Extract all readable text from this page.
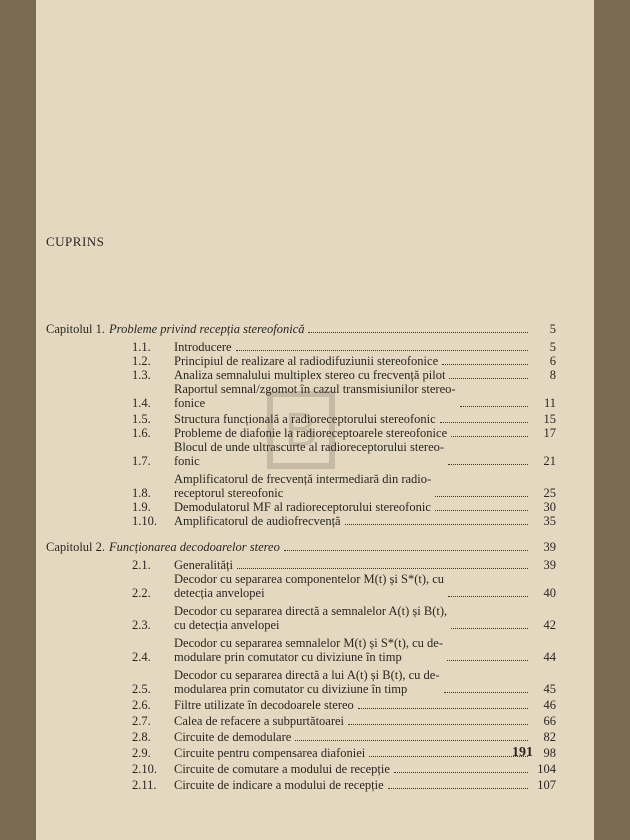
CUPRINS
Capitolul 1. Probleme privind recepția stereofonică	5
1.1.	Introducere	5
1.2.	Principiul de realizare al radiodifuziunii stereofonice	6
1.3.	Analiza semnalului multiplex stereo cu frecvență pilot	8
1.4.
Raportul semnal/zgomot în cazul transmisiunilor stereo-
fonice	11
1.5.	Structura funcțională a radioreceptorului stereofonic	15
1.6.	Probleme de diafonie la radioreceptoarele stereofonice	17
1.7.
Blocul de unde ultrascurte al radioreceptorului stereo-
fonic	21
1.8.
Amplificatorul de frecvență intermediară din radio-
receptorul stereofonic	25
1.9.	Demodulatorul MF al radioreceptorului stereofonic	30
1.10.	Amplificatorul de audiofrecvență	35
Capitolul 2. Funcționarea decodoarelor stereo	39
2.1.	Generalități	39
2.2.
Decodor cu separarea componentelor M(t) și S*(t), cu
detecția anvelopei	40
2.3.
Decodor cu separarea directă a semnalelor A(t) și B(t),
cu detecția anvelopei	42
2.4.
Decodor cu separarea semnalelor M(t) și S*(t), cu de-
modulare prin comutator cu diviziune în timp	44
2.5.
Decodor cu separarea directă a lui A(t) și B(t), cu de-
modularea prin comutator cu diviziune în timp	45
2.6.	Filtre utilizate în decodoarele stereo	46
2.7.	Calea de refacere a subpurtătoarei	66
2.8.	Circuite de demodulare	82
2.9.	Circuite pentru compensarea diafoniei	98
2.10.	Circuite de comutare a modului de recepție	104
2.11.	Circuite de indicare a modului de recepție	107
B
191
